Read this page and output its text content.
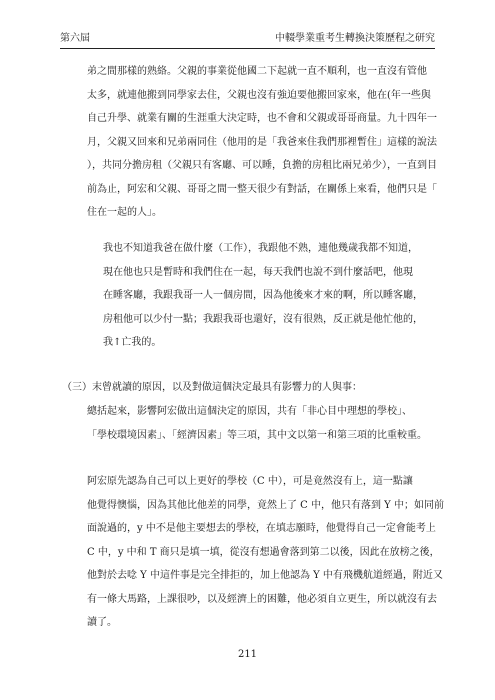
第六屆	中輟學業重考生轉換決策歷程之研究
弟之間那樣的熟絡。父親的事業從他國二下起就一直不順利，也一直沒有管他
太多，就連他搬到同學家去住，父親也沒有強迫要他搬回家來，他在(年一些與
自己升學、就業有關的生涯重大決定時，也不會和父親或哥哥商量。九十四年一
月，父親又回來和兄弟兩同住（他用的是「我爸來住我們那裡暫住」這樣的說法
），共同分擔房租（父親只有客廳、可以睡，負擔的房租比兩兄弟少），一直到目
前為止，阿宏和父親、哥哥之間一整天很少有對話，在關係上來看，他們只是「
住在一起的人」。
我也不知道我爸在做什麼（工作），我跟他不熟，連他幾歲我都不知道，
現在他也只是暫時和我們住在一起，每天我們也說不到什麼話吧，他現
在睡客廳，我跟我哥一人一個房間，因為他後來才來的啊，所以睡客廳，
房租他可以少付一點；我跟我哥也還好，沒有很熟，反正就是他忙他的，
我↑亡我的。
（三）末曾就讀的原因，以及對做這個決定最具有影響力的人與事：
總括起來，影響阿宏做出這個決定的原因，共有「非心目中理想的學校」、
「學校環境因素」、「經濟因素」等三項，其中文以第一和第三項的比重較重。
阿宏原先認為自己可以上更好的學校（C 中），可是竟然沒有上，這一點讓
他覺得懊惱，因為其他比他差的同學，竟然上了 C 中，他只有落到 Y 中；如同前
面說過的，y 中不是他主要想去的學校，在填志願時，他覺得自己一定會能考上
C 中，y 中和 T 商只是填一填，從沒有想過會落到第二以後，因此在放榜之後，
他對於去唸 Y 中這件事是完全排拒的，加上他認為 Y 中有飛機航道經過，附近又
有一條大馬路，上課很吵，以及經濟上的困難，他必須自立更生，所以就沒有去
讀了。
211
